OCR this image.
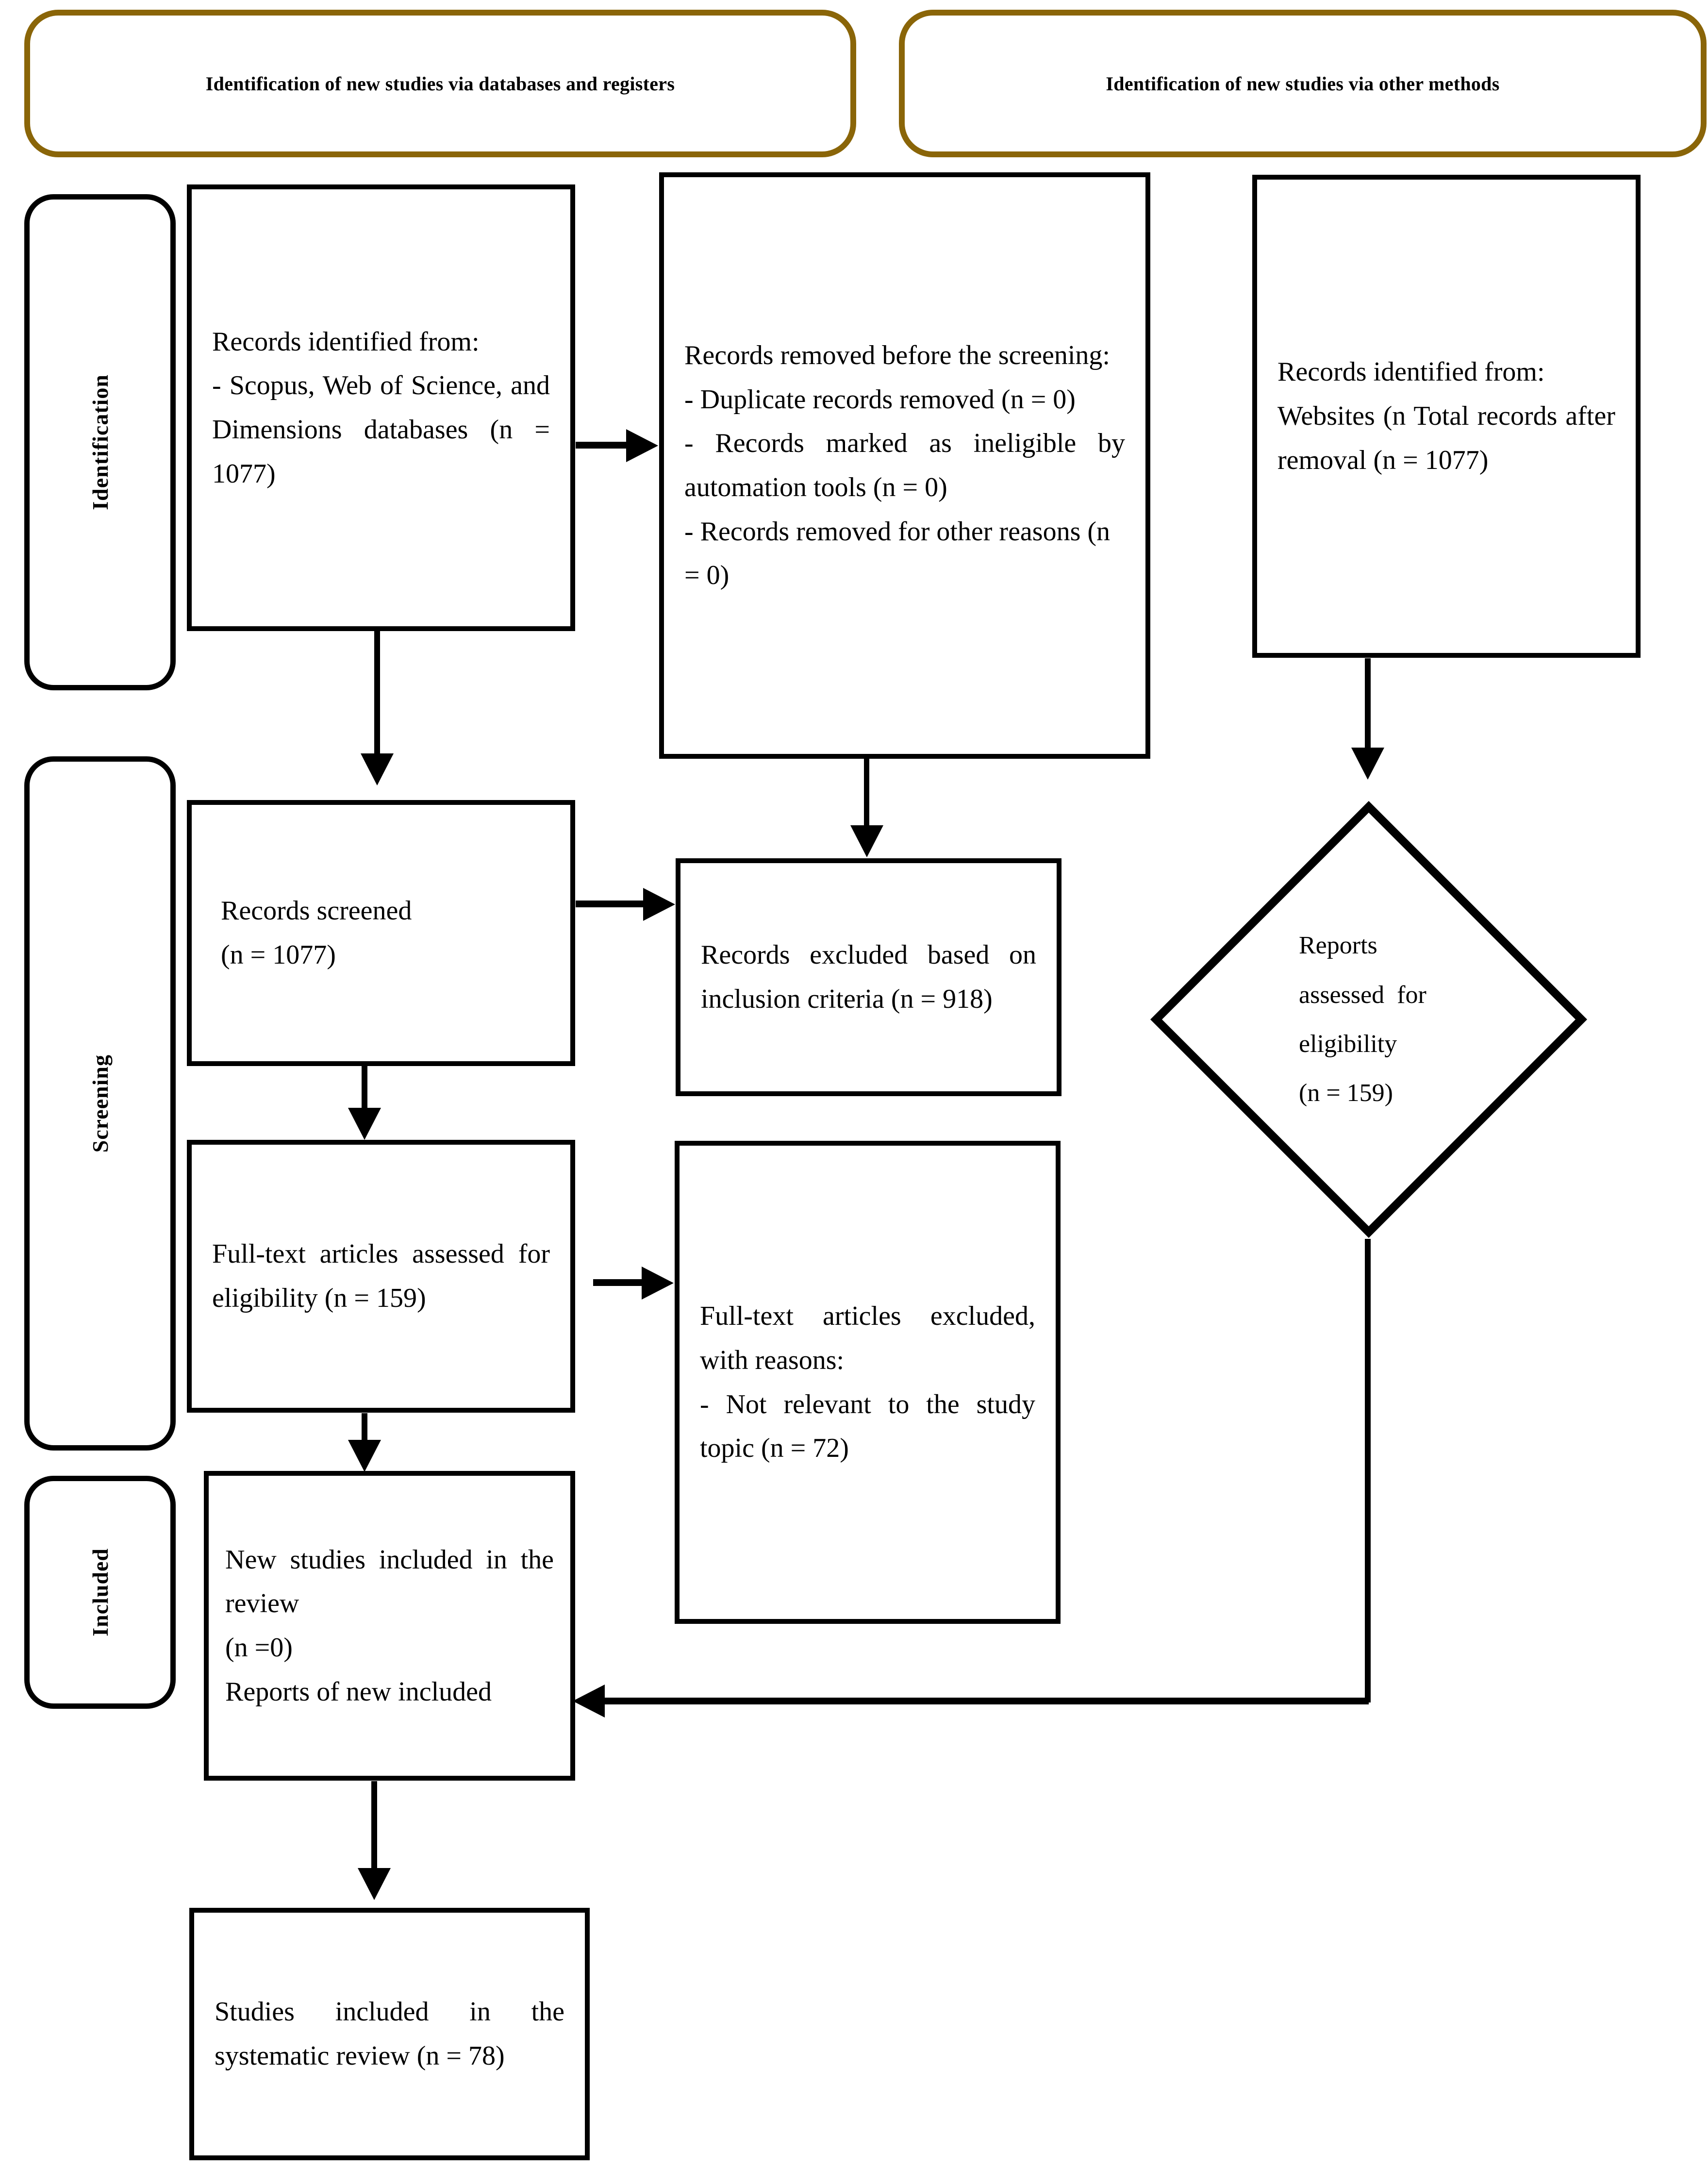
Identification of new studies via databases and registers	Identification of new studies via other methods
Identification
Screening
Included

Records identified from:

- Scopus, Web of Science, and Dimensions databases (n = 1077)

Records removed before the screening:

- Duplicate records removed (n = 0)

- Records marked as ineligible by automation tools (n = 0)

- Records removed for other reasons (n = 0)

Records identified from:

Websites (n Total records after removal (n = 1077)

Records screened

(n = 1077)	Records excluded based on inclusion criteria (n = 918)

Full-text articles assessed for eligibility (n = 159)

Full-text articles excluded, with reasons:

- Not relevant to the study topic (n = 72)

Reports
assessed  for
eligibility
(n = 159)

New studies included in the review

(n =0)

Reports of new included

Studies included in the systematic review (n = 78)
